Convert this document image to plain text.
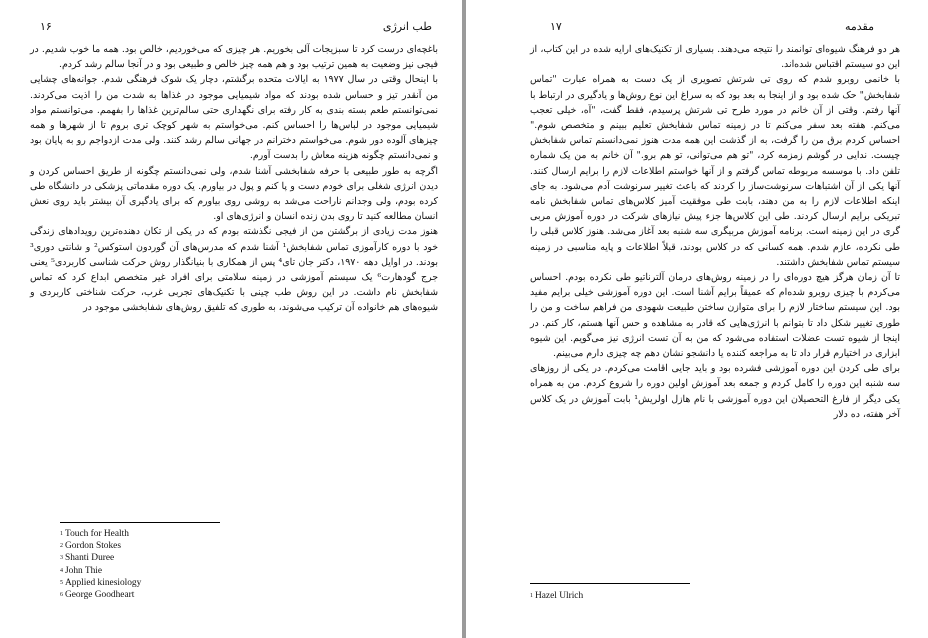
۱۶	طب انرژی

باغچه‌ای درست کرد تا سبزیجات آلی بخوریم. هر چیزی که می‌خوردیم، خالص بود. همه ما خوب شدیم. در فیجی نیز وضعیت به همین ترتیب بود و هم همه چیز خالص و طبیعی بود و در آنجا سالم رشد کردم.

با اینحال وقتی در سال ۱۹۷۷ به ایالات متحده برگشتم، دچار یک شوک فرهنگی شدم. جوانه‌های چشایی من آنقدر تیز و حساس شده بودند که مواد شیمیایی موجود در غذاها به شدت من را اذیت می‌کردند. نمی‌توانستم طعم بسته بندی به کار رفته برای نگهداری حتی سالم‌ترین غذاها را بفهمم. می‌توانستم مواد شیمیایی موجود در لباس‌ها را احساس کنم. می‌خواستم به شهر کوچک تری بروم تا از شهرها و همه چیزهای آلوده دور شوم. می‌خواستم دخترانم در جهانی سالم رشد کنند. ولی مدت ازدواجم رو به پایان بود و نمی‌دانستم چگونه هزینه معاش را بدست آورم.

اگرچه به طور طبیعی با حرفه شفابخشی آشنا شدم، ولی نمی‌دانستم چگونه از طریق احساس کردن و دیدن انرژی شغلی برای خودم دست و پا کنم و پول در بیاورم. یک دوره مقدماتی پزشکی در دانشگاه طی کرده بودم، ولی وجدانم ناراحت می‌شد به روشی روی بیاورم که برای یادگیری آن بیشتر باید روی نعش انسان مطالعه کنید تا روی بدن زنده انسان و انرژی‌های او.

هنوز مدت زیادی از برگشتن من از فیجی نگذشته بودم که در یکی از تکان دهنده‌ترین رویدادهای زندگی خود با دوره کارآموزی تماس شفابخش¹ آشنا شدم که مدرس‌های آن گوردون استوکس² و شانتی دوری³ بودند. در اوایل دهه ۱۹۷۰، دکتر جان تای⁴ پس از همکاری با بنیانگذار روش حرکت شناسی کاربردی⁵ یعنی جرج گودهارت⁶ یک سیستم آموزشی در زمینه سلامتی برای افراد غیر متخصص ابداع کرد که تماس شفابخش نام داشت. در این روش طب چینی با تکنیک‌های تجربی غرب، حرکت شناختی کاربردی و شیوه‌های هم خانواده آن ترکیب می‌شوند، به طوری که تلفیق روش‌های شفابخشی موجود در

$^1$ Touch for Health
$^2$ Gordon Stokes
$^3$ Shanti Duree
$^4$ John Thie
$^5$ Applied kinesiology
$^6$ George Goodheart
۱۷	مقدمه

هر دو فرهنگ شیوه‌ای توانمند را نتیجه می‌دهند. بسیاری از تکنیک‌های ارایه شده در این کتاب، از این دو سیستم اقتباس شده‌اند.

با خانمی روبرو شدم که روی تی شرتش تصویری از یک دست به همراه عبارت "تماس شفابخش" حک شده بود و از اینجا به بعد بود که به سراغ این نوع روش‌ها و یادگیری در ارتباط با آنها رفتم. وقتی از آن خانم در مورد طرح تی شرتش پرسیدم، فقط گفت، "آه، خیلی تعجب می‌کنم. هفته بعد سفر می‌کنم تا در زمینه تماس شفابخش تعلیم ببینم و متخصص شوم." احساس کردم برق من را گرفت، به از گذشت این همه مدت هنوز نمی‌دانستم تماس شفابخش چیست. ندایی در گوشم زمزمه کرد، "تو هم می‌توانی، تو هم برو." آن خانم به من یک شماره تلفن داد. با موسسه مربوطه تماس گرفتم و از آنها خواستم اطلاعات لازم را برایم ارسال کنند. آنها یکی از آن اشتباهات سرنوشت‌ساز را کردند که باعث تغییر سرنوشت آدم می‌شود. به جای اینکه اطلاعات لازم را به من دهند، بابت طی موفقیت آمیز کلاس‌های تماس شفابخش نامه تبریکی برایم ارسال کردند. طی این کلاس‌ها جزء پیش نیازهای شرکت در دوره آموزش مربی گری در این زمینه است. برنامه آموزش مربیگری سه شنبه بعد آغاز می‌شد. هنوز کلاس قبلی را طی نکرده، عازم شدم. همه کسانی که در کلاس بودند، قبلاً اطلاعات و پایه مناسبی در زمینه سیستم تماس شفابخش داشتند.

تا آن زمان هرگز هیچ دوره‌ای را در زمینه روش‌های درمان آلترناتیو طی نکرده بودم. احساس می‌کردم با چیزی روبرو شده‌ام که عمیقاً برایم آشنا است. این دوره آموزشی خیلی برایم مفید بود. این سیستم ساختار لازم را برای متوازن ساختن طبیعت شهودی من فراهم ساخت و من را طوری تغییر شکل داد تا بتوانم با انرژی‌هایی که قادر به مشاهده و حس آنها هستم، کار کنم. در اینجا از شیوه تست عضلات استفاده می‌شود که من به آن تست انرژی نیز می‌گویم. این شیوه ابزاری در اختیارم قرار داد تا به مراجعه کننده یا دانشجو نشان دهم چه چیزی دارم می‌بینم.

برای طی کردن این دوره آموزشی فشرده بود و باید جایی اقامت می‌کردم. در یکی از روزهای سه شنبه این دوره را کامل کردم و جمعه بعد آموزش اولین دوره را شروع کردم. من به همراه یکی دیگر از فارغ التحصیلان این دوره آموزشی با نام هازل اولریش¹ بابت آموزش در یک کلاس آخر هفته، ده دلار

$^1$ Hazel Ulrich
